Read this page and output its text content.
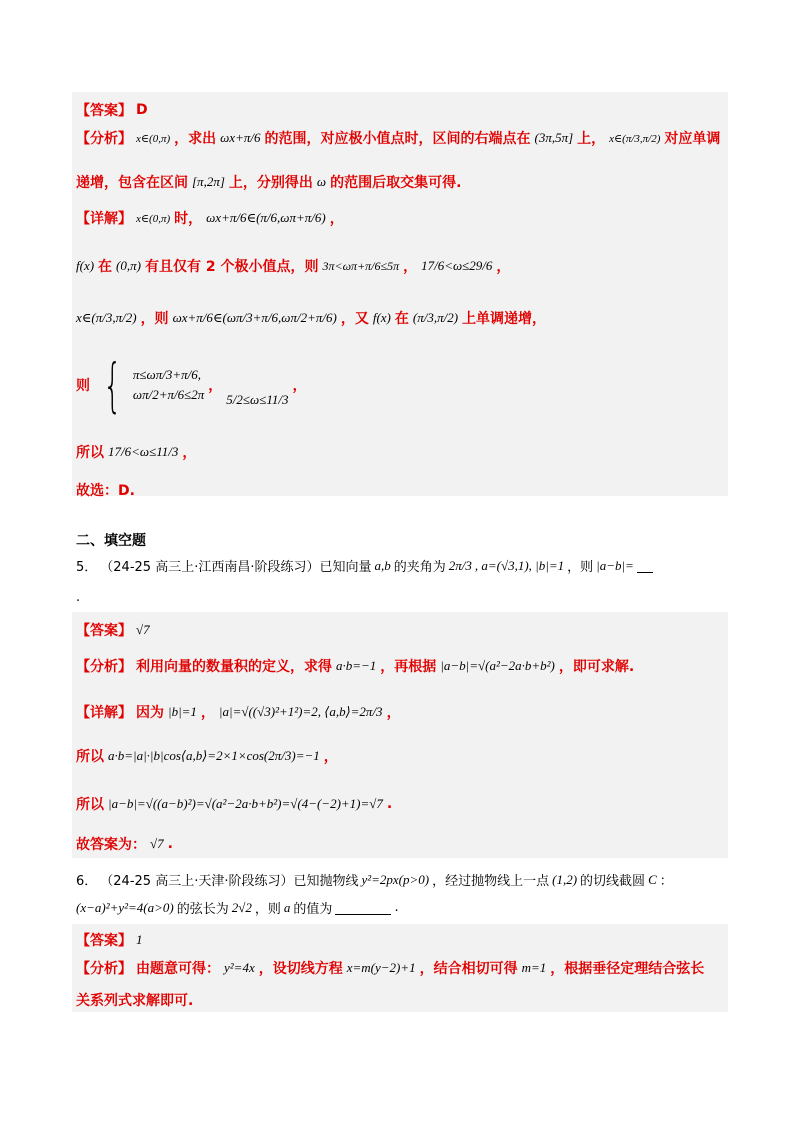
【答案】 D
【分析】 x∈(0,π) ，求出 ωx+π/6 的范围，对应极小值点时，区间的右端点在 (3π,5π] 上， x∈(π/3,π/2) 对应单调
递增，包含在区间 [π,2π] 上，分别得出 ω 的范围后取交集可得.
【详解】 x∈(0,π) 时， ωx+π/6∈(π/6,ωπ+π/6) ，
f(x) 在 (0,π) 有且仅有 2 个极小值点，则 3π<ωπ+π/6≤5π ， 17/6<ω≤29/6 ，
x∈(π/3,π/2) ，则 ωx+π/6∈(ωπ/3+π/6,ωπ/2+π/6) ，又 f(x) 在 (π/3,π/2) 上单调递增，
则 { π≤ωπ/3+π/6,
ωπ/2+π/6≤2π
，
5/2≤ω≤11/3
，
所以 17/6<ω≤11/3 ，
故选：D.
二、填空题
5． （24-25 高三上·江西南昌·阶段练习）已知向量 a,b 的夹角为 2π/3 , a=(√3,1), |b|=1 ，则 |a−b|=
.
【答案】 √7
【分析】 利用向量的数量积的定义，求得 a·b=−1 ，再根据 |a−b|=√(a²−2a·b+b²) ，即可求解.
【详解】 因为 |b|=1 ， |a|=√((√3)²+1²)=2, ⟨a,b⟩=2π/3 ，
所以 a·b=|a|·|b|cos⟨a,b⟩=2×1×cos(2π/3)=−1 ，
所以 |a−b|=√((a−b)²)=√(a²−2a·b+b²)=√(4−(−2)+1)=√7 .
故答案为： √7 .
6． （24-25 高三上·天津·阶段练习）已知抛物线 y²=2px(p>0) ，经过抛物线上一点 (1,2) 的切线截圆 C ：
(x−a)²+y²=4(a>0) 的弦长为 2√2 ，则 a 的值为	.
【答案】 1
【分析】 由题意可得： y²=4x ，设切线方程 x=m(y−2)+1 ，结合相切可得 m=1 ，根据垂径定理结合弦长
关系列式求解即可.
